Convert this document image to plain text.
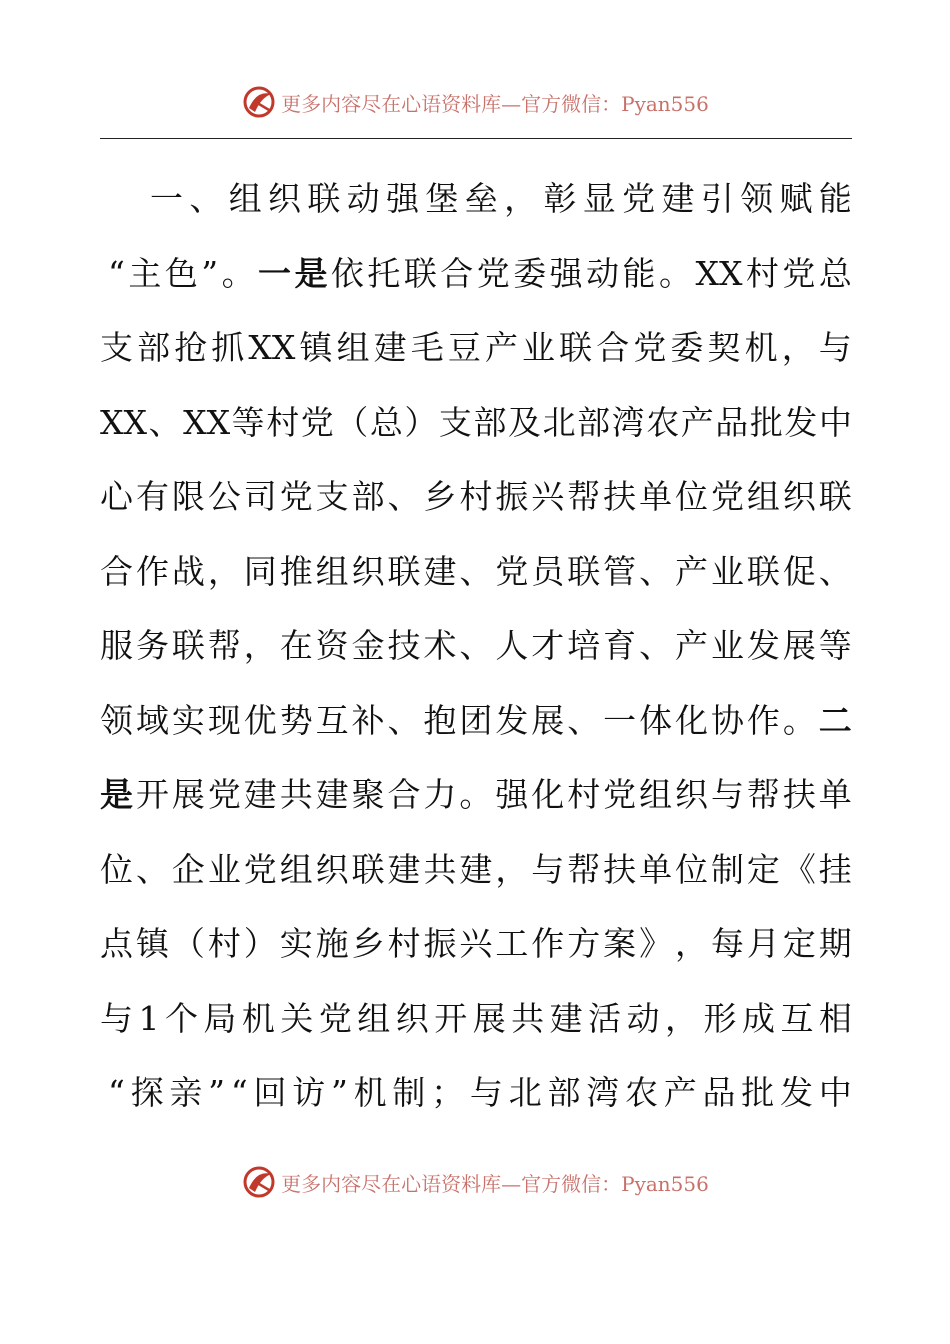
更多内容尽在心语资料库—官方微信：Pyan556
一 、 组 织 联 动 强 堡 垒 ， 彰 显 党 建 引 领 赋 能
“ 主 色 ” 。 一 是 依 托 联 合 党 委 强 动 能 。 XX 村 党 总
支 部 抢 抓 XX 镇 组 建 毛 豆 产 业 联 合 党 委 契 机 ， 与
XX 、 XX 等 村 党 （ 总 ） 支 部 及 北 部 湾 农 产 品 批 发 中
心 有 限 公 司 党 支 部 、 乡 村 振 兴 帮 扶 单 位 党 组 织 联
合 作 战 ， 同 推 组 织 联 建 、 党 员 联 管 、 产 业 联 促 、
服 务 联 帮 ， 在 资 金 技 术 、 人 才 培 育 、 产 业 发 展 等
领 域 实 现 优 势 互 补 、 抱 团 发 展 、 一 体 化 协 作 。 二
是 开 展 党 建 共 建 聚 合 力 。 强 化 村 党 组 织 与 帮 扶 单
位 、 企 业 党 组 织 联 建 共 建 ， 与 帮 扶 单 位 制 定 《 挂
点 镇 （ 村 ） 实 施 乡 村 振 兴 工 作 方 案 》 ， 每 月 定 期
与 1 个 局 机 关 党 组 织 开 展 共 建 活 动 ， 形 成 互 相
“ 探 亲 ” “ 回 访 ” 机 制 ； 与 北 部 湾 农 产 品 批 发 中
更多内容尽在心语资料库—官方微信：Pyan556
